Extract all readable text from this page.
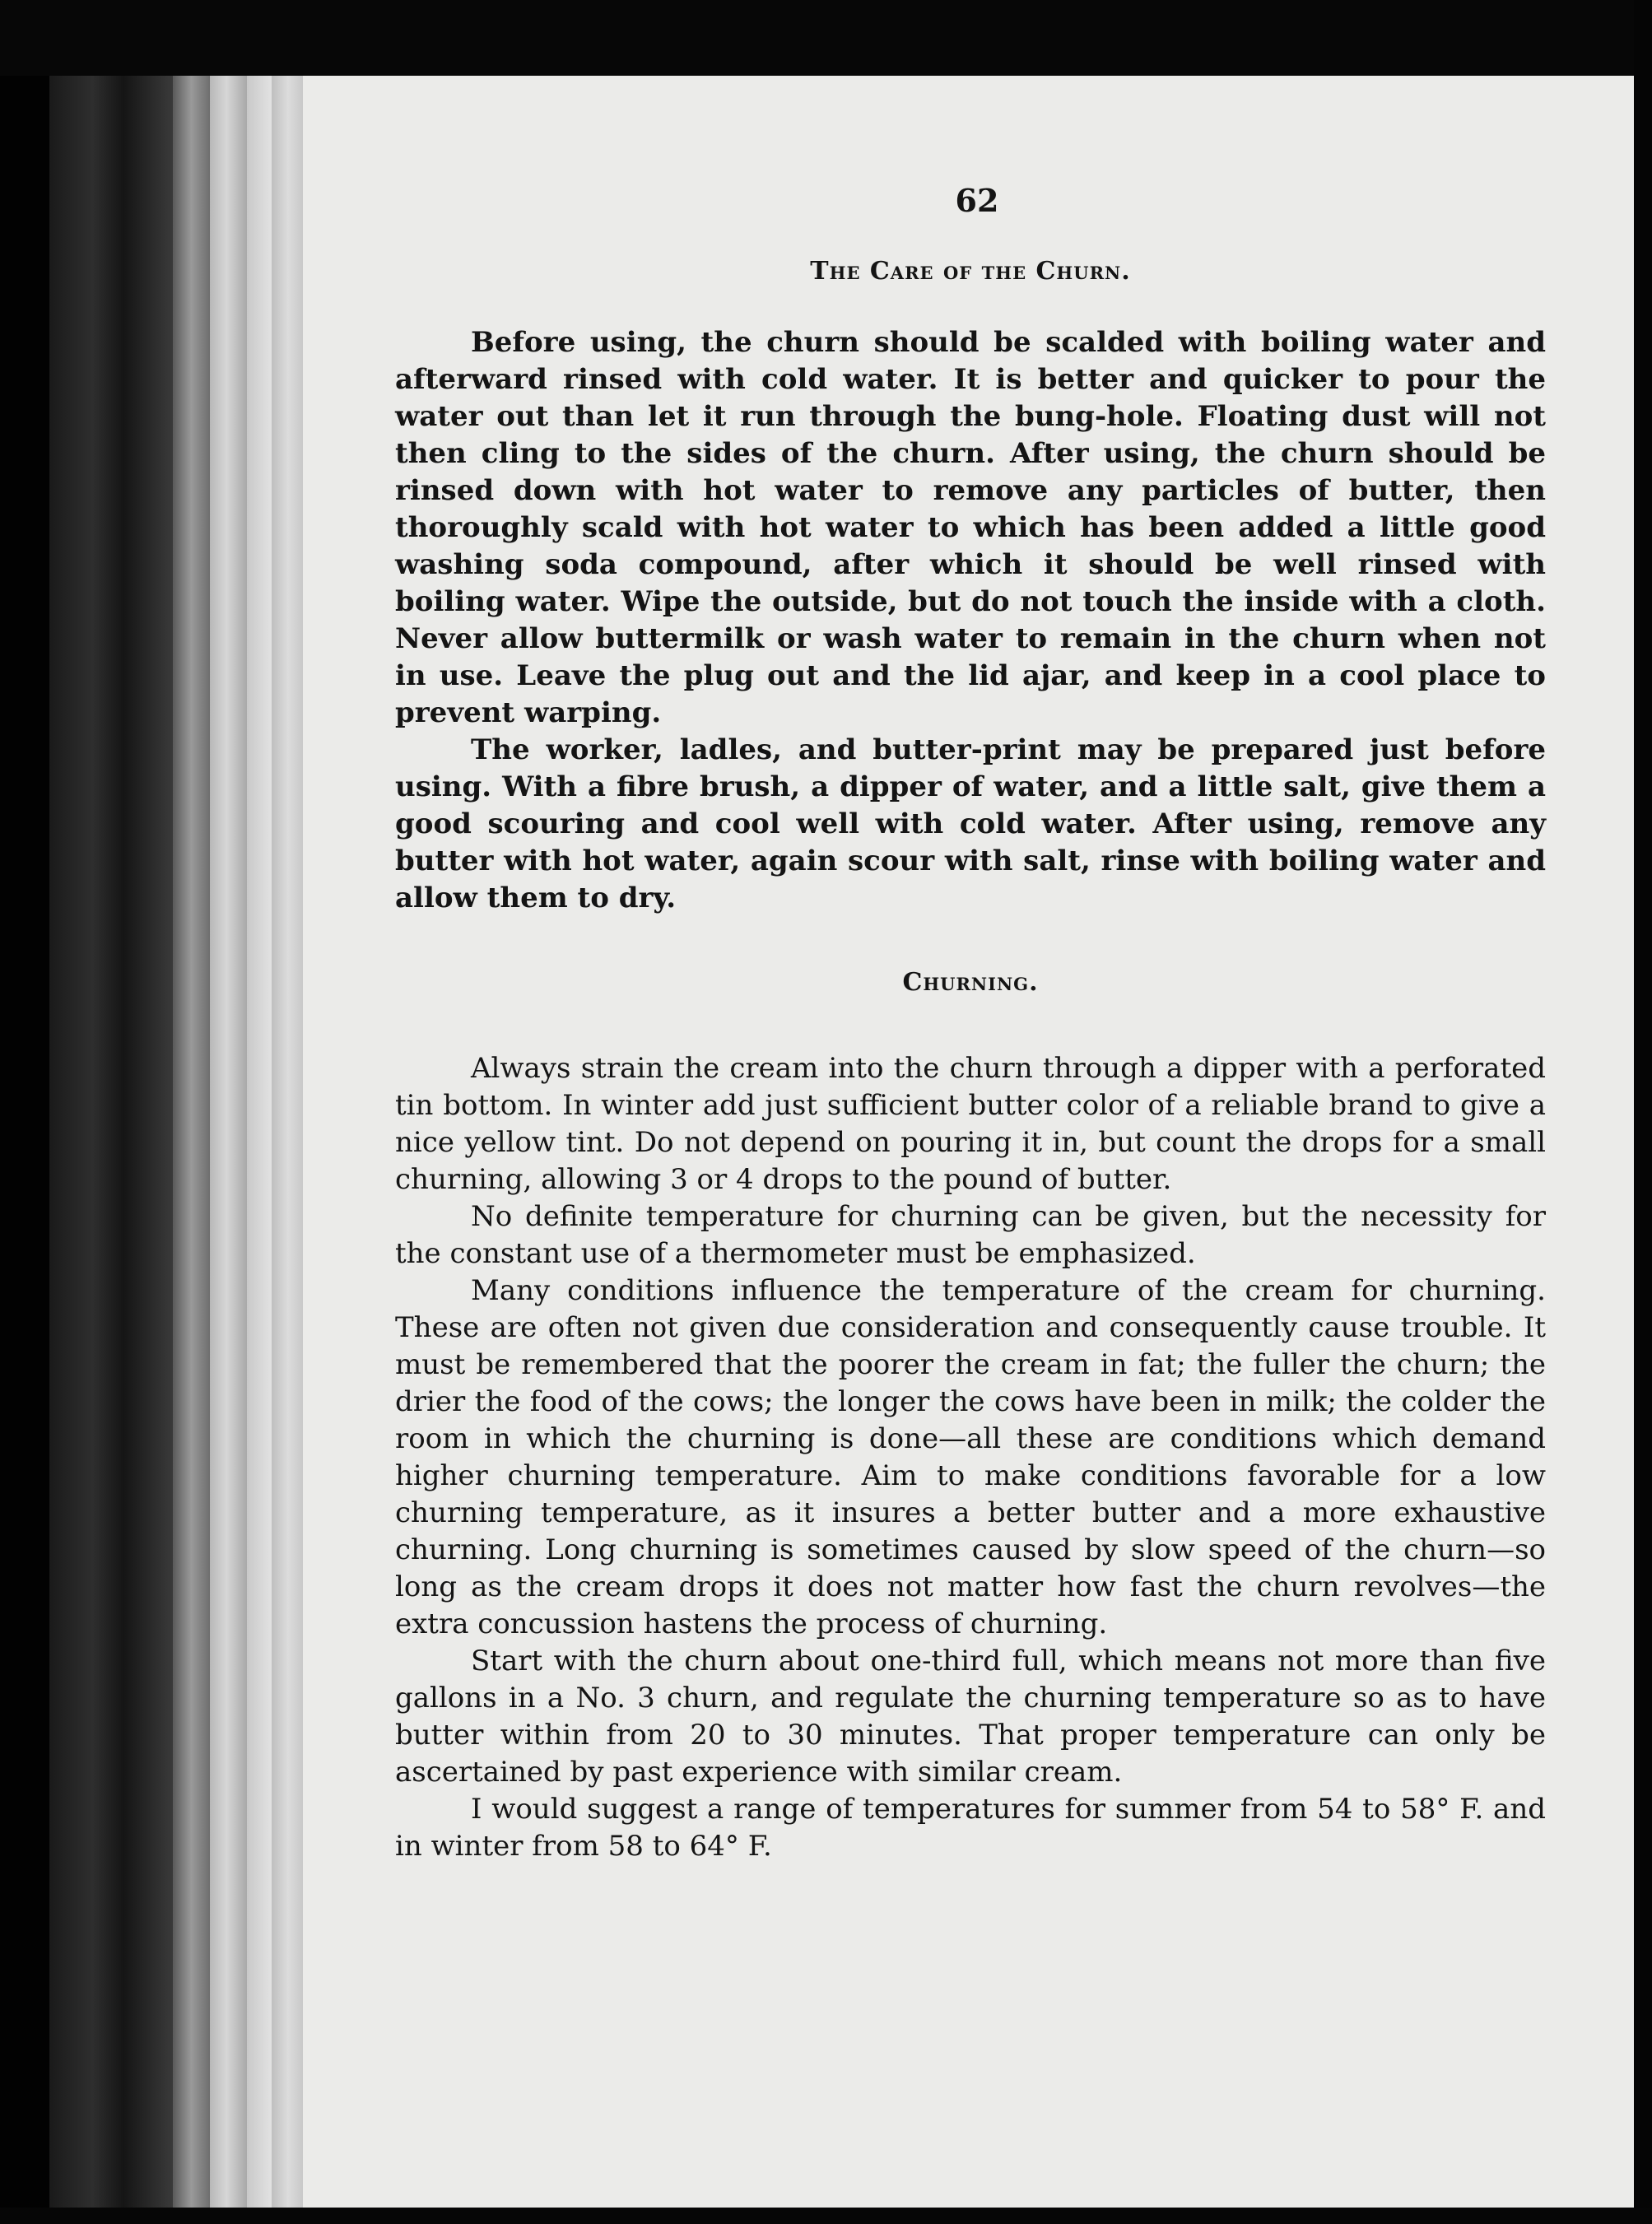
62
The Care of the Churn.

Before using, the churn should be scalded with boiling water and afterward rinsed with cold water. It is better and quicker to pour the water out than let it run through the bung-hole. Floating dust will not then cling to the sides of the churn. After using, the churn should be rinsed down with hot water to remove any particles of butter, then thoroughly scald with hot water to which has been added a little good washing soda compound, after which it should be well rinsed with boiling water. Wipe the outside, but do not touch the inside with a cloth. Never allow buttermilk or wash water to remain in the churn when not in use. Leave the plug out and the lid ajar, and keep in a cool place to prevent warping.

The worker, ladles, and butter-print may be prepared just before using. With a fibre brush, a dipper of water, and a little salt, give them a good scouring and cool well with cold water. After using, remove any butter with hot water, again scour with salt, rinse with boiling water and allow them to dry.

Churning.

Always strain the cream into the churn through a dipper with a perforated tin bottom. In winter add just sufficient butter color of a reliable brand to give a nice yellow tint. Do not depend on pouring it in, but count the drops for a small churning, allowing 3 or 4 drops to the pound of butter.

No definite temperature for churning can be given, but the necessity for the constant use of a thermometer must be emphasized.

Many conditions influence the temperature of the cream for churning. These are often not given due consideration and consequently cause trouble. It must be remembered that the poorer the cream in fat; the fuller the churn; the drier the food of the cows; the longer the cows have been in milk; the colder the room in which the churning is done—all these are conditions which demand higher churning temperature. Aim to make conditions favorable for a low churning temperature, as it insures a better butter and a more exhaustive churning. Long churning is sometimes caused by slow speed of the churn—so long as the cream drops it does not matter how fast the churn revolves—the extra concussion hastens the process of churning.

Start with the churn about one-third full, which means not more than five gallons in a No. 3 churn, and regulate the churning temperature so as to have butter within from 20 to 30 minutes. That proper temperature can only be ascertained by past experience with similar cream.

I would suggest a range of temperatures for summer from 54 to 58° F. and in winter from 58 to 64° F.
